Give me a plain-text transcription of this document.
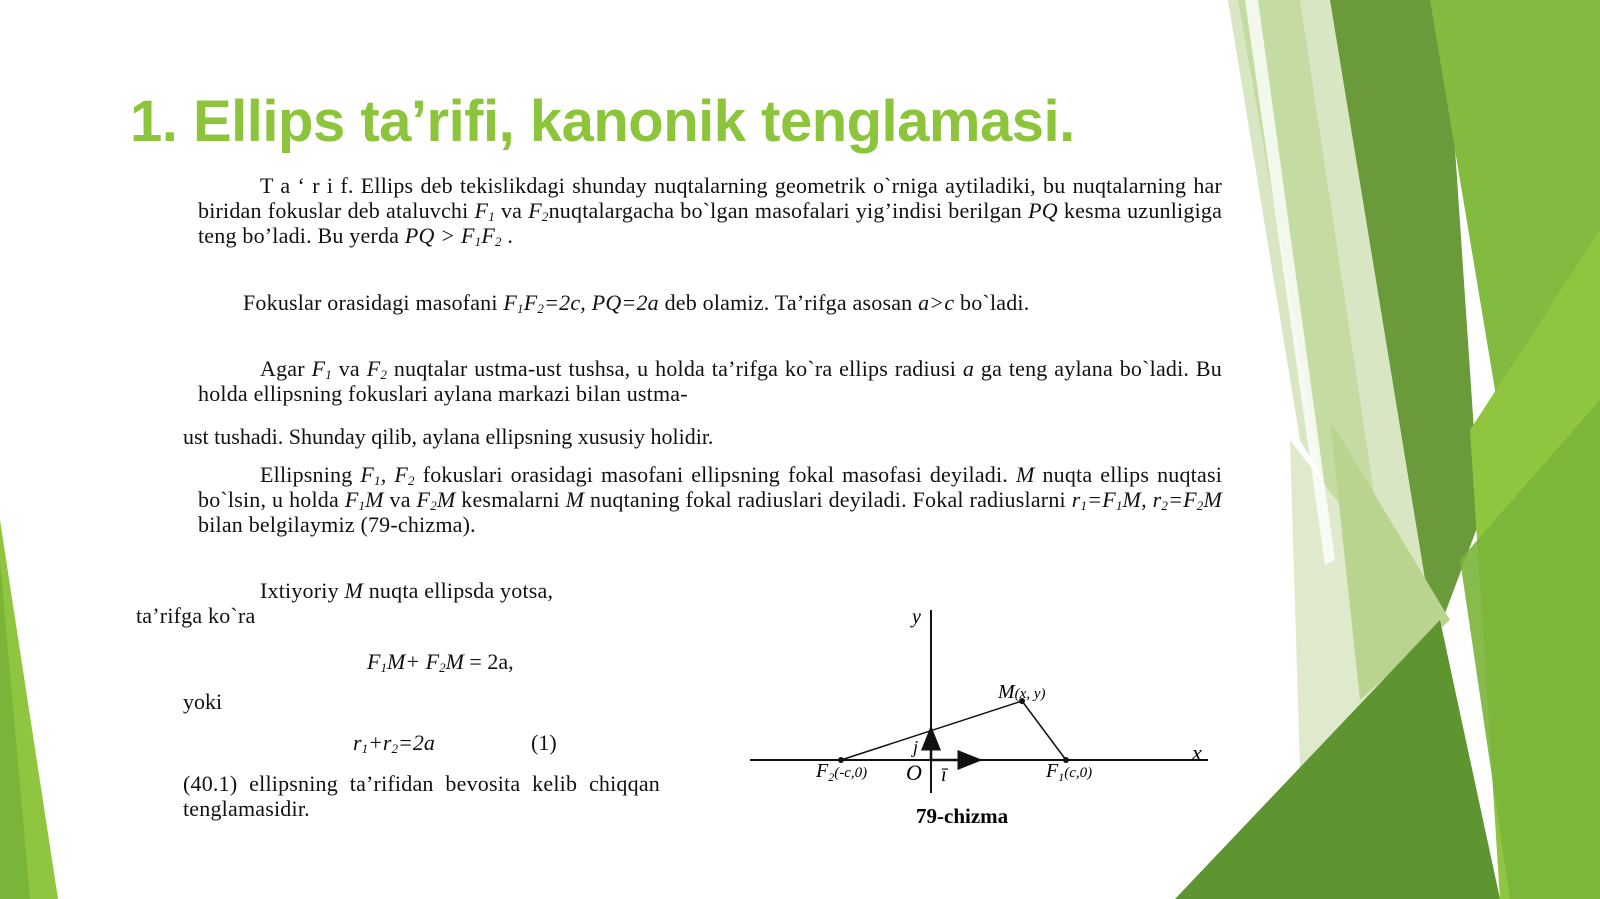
1. Ellips ta’rifi, kanonik tenglamasi.

T a ‘ r i f. Ellips deb tekislikdagi shunday nuqtalarning geometrik o`rniga aytiladiki, bu nuqtalarning har biridan fokuslar deb ataluvchi $F_1$ va $F_2nuqtalargacha$ bo`lgan masofalari yig’indisi berilgan PQ kesma uzunligiga teng bo’ladi. Bu yerda PQ > $F_1F_2$ .

Fokuslar orasidagi masofani $F_1F_2=2c$, PQ=2a deb olamiz. Ta’rifga asosan a>c bo`ladi.

Agar $F_1$ va $F_2$ nuqtalar ustma-ust tushsa, u holda ta’rifga ko`ra ellips radiusi a ga teng aylana bo`ladi. Bu holda ellipsning fokuslari aylana markazi bilan ustma-

ust tushadi. Shunday qilib, aylana ellipsning xususiy holidir.

Ellipsning $F_1$, $F_2$ fokuslari orasidagi masofani ellipsning fokal masofasi deyiladi. M nuqta ellips nuqtasi bo`lsin, u holda $F_1M$ va $F_2M$ kesmalarni M nuqtaning fokal radiuslari deyiladi. Fokal radiuslarni $r_1=F_1M$, $r_2=F_2M$ bilan belgilaymiz (79-chizma).

Ixtiyoriy M nuqta ellipsda yotsa,
ta’rifga ko`ra

$F_1M+ F_2M = 2a$,

yoki

$r_1+r_2=2a$	(1)

(40.1) ellipsning ta’rifidan bevosita kelib chiqqan tenglamasidir.

y
x
O ī
j
M(x, y)
$F_2^{(-c,0)}$	$F_1^{(c,0)}$
79-chizma
